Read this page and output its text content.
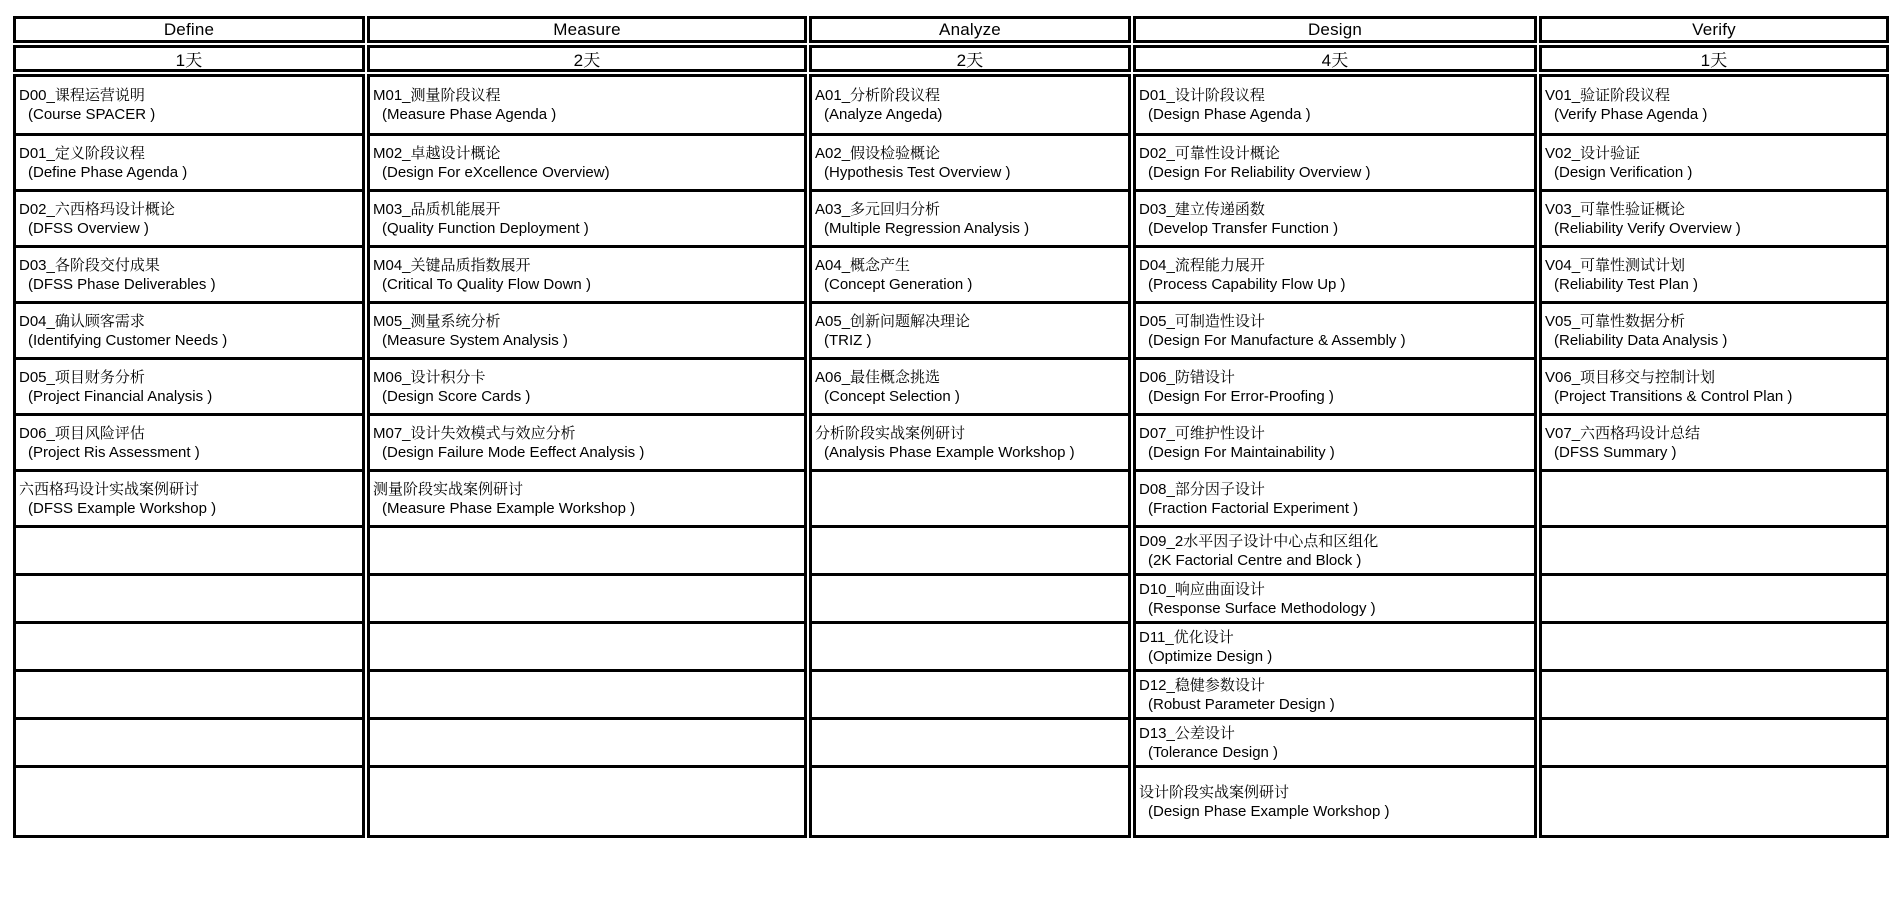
Define
1天
D00_课程运营说明
(Course SPACER )
D01_定义阶段议程
(Define Phase Agenda )
D02_六西格玛设计概论
(DFSS Overview )
D03_各阶段交付成果
(DFSS Phase Deliverables )
D04_确认顾客需求
(Identifying Customer Needs )
D05_项目财务分析
(Project Financial Analysis )
D06_项目风险评估
(Project Ris Assessment )
六西格玛设计实战案例研讨
(DFSS Example Workshop )
Measure
2天
M01_测量阶段议程
(Measure Phase Agenda )
M02_卓越设计概论
(Design For eXcellence Overview)
M03_品质机能展开
(Quality Function Deployment )
M04_关键品质指数展开
(Critical To Quality Flow Down )
M05_测量系统分析
(Measure System Analysis )
M06_设计积分卡
(Design Score Cards )
M07_设计失效模式与效应分析
(Design Failure Mode Eeffect Analysis )
测量阶段实战案例研讨
(Measure Phase Example Workshop )
Analyze
2天
A01_分析阶段议程
(Analyze Angeda)
A02_假设检验概论
(Hypothesis Test Overview )
A03_多元回归分析
(Multiple Regression Analysis )
A04_概念产生
(Concept Generation )
A05_创新问题解决理论
(TRIZ )
A06_最佳概念挑选
(Concept Selection )
分析阶段实战案例研讨
(Analysis Phase Example Workshop )
Design
4天
D01_设计阶段议程
(Design Phase Agenda )
D02_可靠性设计概论
(Design For Reliability Overview )
D03_建立传递函数
(Develop Transfer Function )
D04_流程能力展开
(Process Capability Flow Up )
D05_可制造性设计
(Design For Manufacture & Assembly )
D06_防错设计
(Design For Error-Proofing )
D07_可维护性设计
(Design For Maintainability )
D08_部分因子设计
(Fraction Factorial Experiment )
D09_2水平因子设计中心点和区组化
(2K Factorial Centre and Block )
D10_响应曲面设计
(Response Surface Methodology )
D11_优化设计
(Optimize Design )
D12_稳健参数设计
(Robust Parameter Design )
D13_公差设计
(Tolerance Design )
设计阶段实战案例研讨
(Design Phase Example Workshop )
Verify
1天
V01_验证阶段议程
(Verify Phase Agenda )
V02_设计验证
(Design Verification )
V03_可靠性验证概论
(Reliability Verify Overview )
V04_可靠性测试计划
(Reliability Test Plan )
V05_可靠性数据分析
(Reliability Data Analysis )
V06_项目移交与控制计划
(Project Transitions & Control Plan )
V07_六西格玛设计总结
(DFSS Summary )
